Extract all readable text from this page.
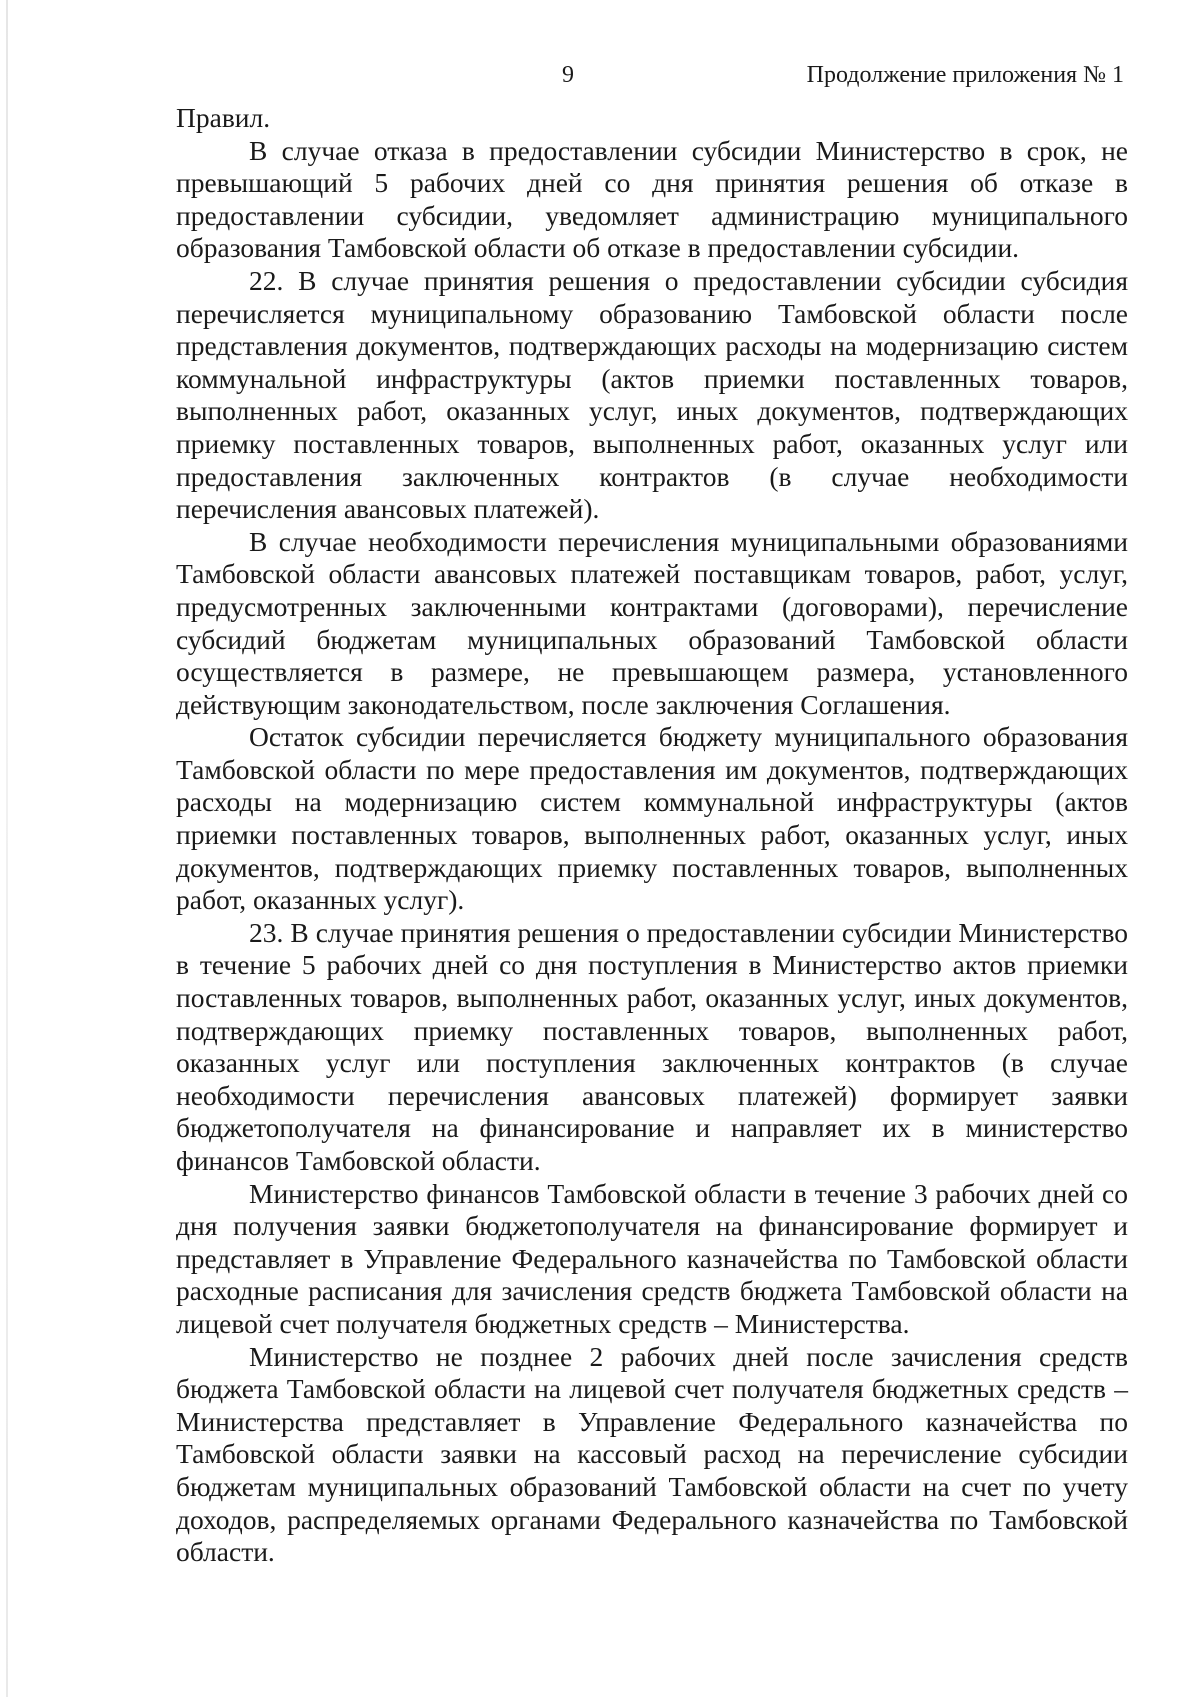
9	Продолжение приложения № 1

Правил.

В случае отказа в предоставлении субсидии Министерство в срок, не превышающий 5 рабочих дней со дня принятия решения об отказе в предоставлении субсидии, уведомляет администрацию муниципального образования Тамбовской области об отказе в предоставлении субсидии.

22. В случае принятия решения о предоставлении субсидии субсидия перечисляется муниципальному образованию Тамбовской области после представления документов, подтверждающих расходы на модернизацию систем коммунальной инфраструктуры (актов приемки поставленных товаров, выполненных работ, оказанных услуг, иных документов, подтверждающих приемку поставленных товаров, выполненных работ, оказанных услуг или предоставления заключенных контрактов (в случае необходимости перечисления авансовых платежей).

В случае необходимости перечисления муниципальными образованиями Тамбовской области авансовых платежей поставщикам товаров, работ, услуг, предусмотренных заключенными контрактами (договорами), перечисление субсидий бюджетам муниципальных образований Тамбовской области осуществляется в размере, не превышающем размера, установленного действующим законодательством, после заключения Соглашения.

Остаток субсидии перечисляется бюджету муниципального образования Тамбовской области по мере предоставления им документов, подтверждающих расходы на модернизацию систем коммунальной инфраструктуры (актов приемки поставленных товаров, выполненных работ, оказанных услуг, иных документов, подтверждающих приемку поставленных товаров, выполненных работ, оказанных услуг).

23. В случае принятия решения о предоставлении субсидии Министерство в течение 5 рабочих дней со дня поступления в Министерство актов приемки поставленных товаров, выполненных работ, оказанных услуг, иных документов, подтверждающих приемку поставленных товаров, выполненных работ, оказанных услуг или поступления заключенных контрактов (в случае необходимости перечисления авансовых платежей) формирует заявки бюджетополучателя на финансирование и направляет их в министерство финансов Тамбовской области.

Министерство финансов Тамбовской области в течение 3 рабочих дней со дня получения заявки бюджетополучателя на финансирование формирует и представляет в Управление Федерального казначейства по Тамбовской области расходные расписания для зачисления средств бюджета Тамбовской области на лицевой счет получателя бюджетных средств – Министерства.

Министерство не позднее 2 рабочих дней после зачисления средств бюджета Тамбовской области на лицевой счет получателя бюджетных средств – Министерства представляет в Управление Федерального казначейства по Тамбовской области заявки на кассовый расход на перечисление субсидии бюджетам муниципальных образований Тамбовской области на счет по учету доходов, распределяемых органами Федерального казначейства по Тамбовской области.
